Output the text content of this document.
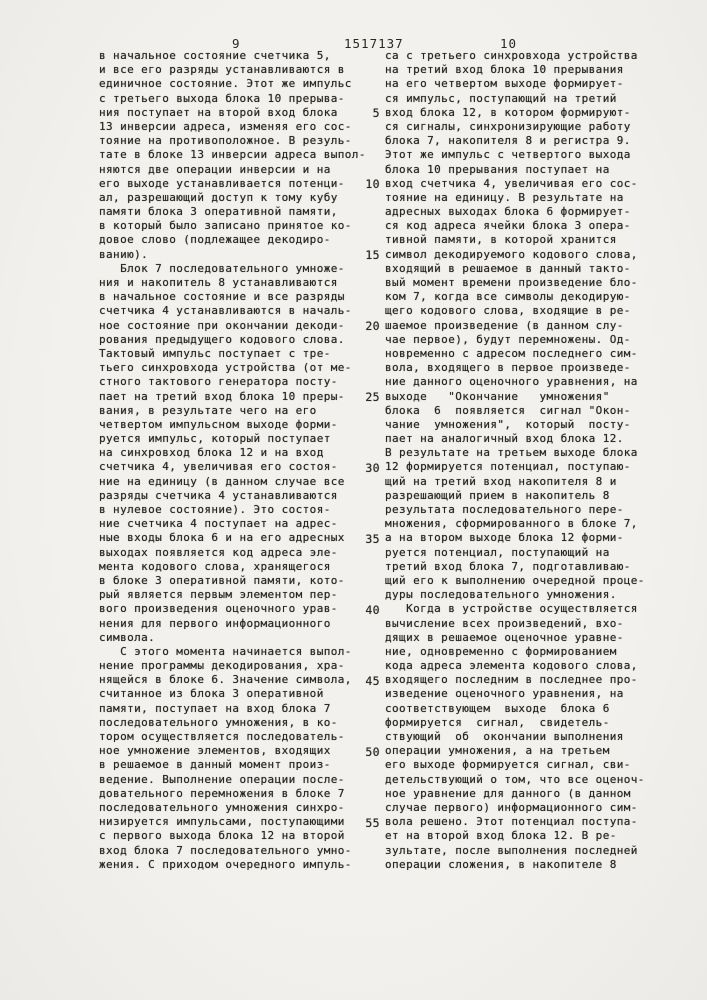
9	1517137	10
в начальное состояние счетчика 5,
и все его разряды устанавливаются в
единичное состояние. Этот же импульс
с третьего выхода блока 10 прерыва-
ния поступает на второй вход блока
13 инверсии адреса, изменяя его сос-
тояние на противоположное. В резуль-
тате в блоке 13 инверсии адреса выпол-
няются две операции инверсии и на
его выходе устанавливается потенци-
ал, разрешающий доступ к тому кубу
памяти блока 3 оперативной памяти,
в который было записано принятое ко-
довое слово (подлежащее декодиро-
ванию).
Блок 7 последовательного умноже-
ния и накопитель 8 устанавливаются
в начальное состояние и все разряды
счетчика 4 устанавливаются в началь-
ное состояние при окончании декоди-
рования предыдущего кодового слова.
Тактовый импульс поступает с тре-
тьего синхровхода устройства (от ме-
стного тактового генератора посту-
пает на третий вход блока 10 преры-
вания, в результате чего на его
четвертом импульсном выходе форми-
руется импульс, который поступает
на синхровход блока 12 и на вход
счетчика 4, увеличивая его состоя-
ние на единицу (в данном случае все
разряды счетчика 4 устанавливаются
в нулевое состояние). Это состоя-
ние счетчика 4 поступает на адрес-
ные входы блока 6 и на его адресных
выходах появляется код адреса эле-
мента кодового слова, хранящегося
в блоке 3 оперативной памяти, кото-
рый является первым элементом пер-
вого произведения оценочного урав-
нения для первого информационного
символа.
С этого момента начинается выпол-
нение программы декодирования, хра-
нящейся в блоке 6. Значение символа,
считанное из блока 3 оперативной
памяти, поступает на вход блока 7
последовательного умножения, в ко-
тором осуществляется последователь-
ное умножение элементов, входящих
в решаемое в данный момент произ-
ведение. Выполнение операции после-
довательного перемножения в блоке 7
последовательного умножения синхро-
низируется импульсами, поступающими
с первого выхода блока 12 на второй
вход блока 7 последовательного умно-
жения. С приходом очередного импуль-
са с третьего синхровхода устройства
на третий вход блока 10 прерывания
на его четвертом выходе формирует-
ся импульс, поступающий на третий
вход блока 12, в котором формируют-
ся сигналы, синхронизирующие работу
блока 7, накопителя 8 и регистра 9.
Этот же импульс с четвертого выхода
блока 10 прерывания поступает на
вход счетчика 4, увеличивая его сос-
тояние на единицу. В результате на
адресных выходах блока 6 формирует-
ся код адреса ячейки блока 3 опера-
тивной памяти, в которой хранится
символ декодируемого кодового слова,
входящий в решаемое в данный такто-
вый момент времени произведение бло-
ком 7, когда все символы декодирую-
щего кодового слова, входящие в ре-
шаемое произведение (в данном слу-
чае первое), будут перемножены. Од-
новременно с адресом последнего сим-
вола, входящего в первое произведе-
ние данного оценочного уравнения, на
выходе   "Окончание   умножения"
блока  6  появляется  сигнал "Окон-
чание  умножения",  который  посту-
пает на аналогичный вход блока 12.
В результате на третьем выходе блока
12 формируется потенциал, поступаю-
щий на третий вход накопителя 8 и
разрешающий прием в накопитель 8
результата последовательного пере-
множения, сформированного в блоке 7,
а на втором выходе блока 12 форми-
руется потенциал, поступающий на
третий вход блока 7, подготавливаю-
щий его к выполнению очередной проце-
дуры последовательного умножения.
Когда в устройстве осуществляется
вычисление всех произведений, вхо-
дящих в решаемое оценочное уравне-
ние, одновременно с формированием
кода адреса элемента кодового слова,
входящего последним в последнее про-
изведение оценочного уравнения, на
соответствующем  выходе  блока 6
формируется  сигнал,  свидетель-
ствующий  об  окончании выполнения
операции умножения, а на третьем
его выходе формируется сигнал, сви-
детельствующий о том, что все оценоч-
ное уравнение для данного (в данном
случае первого) информационного сим-
вола решено. Этот потенциал поступа-
ет на второй вход блока 12. В ре-
зультате, после выполнения последней
операции сложения, в накопителе 8
5
10
15
20
25
30
35
40
45
50
55
